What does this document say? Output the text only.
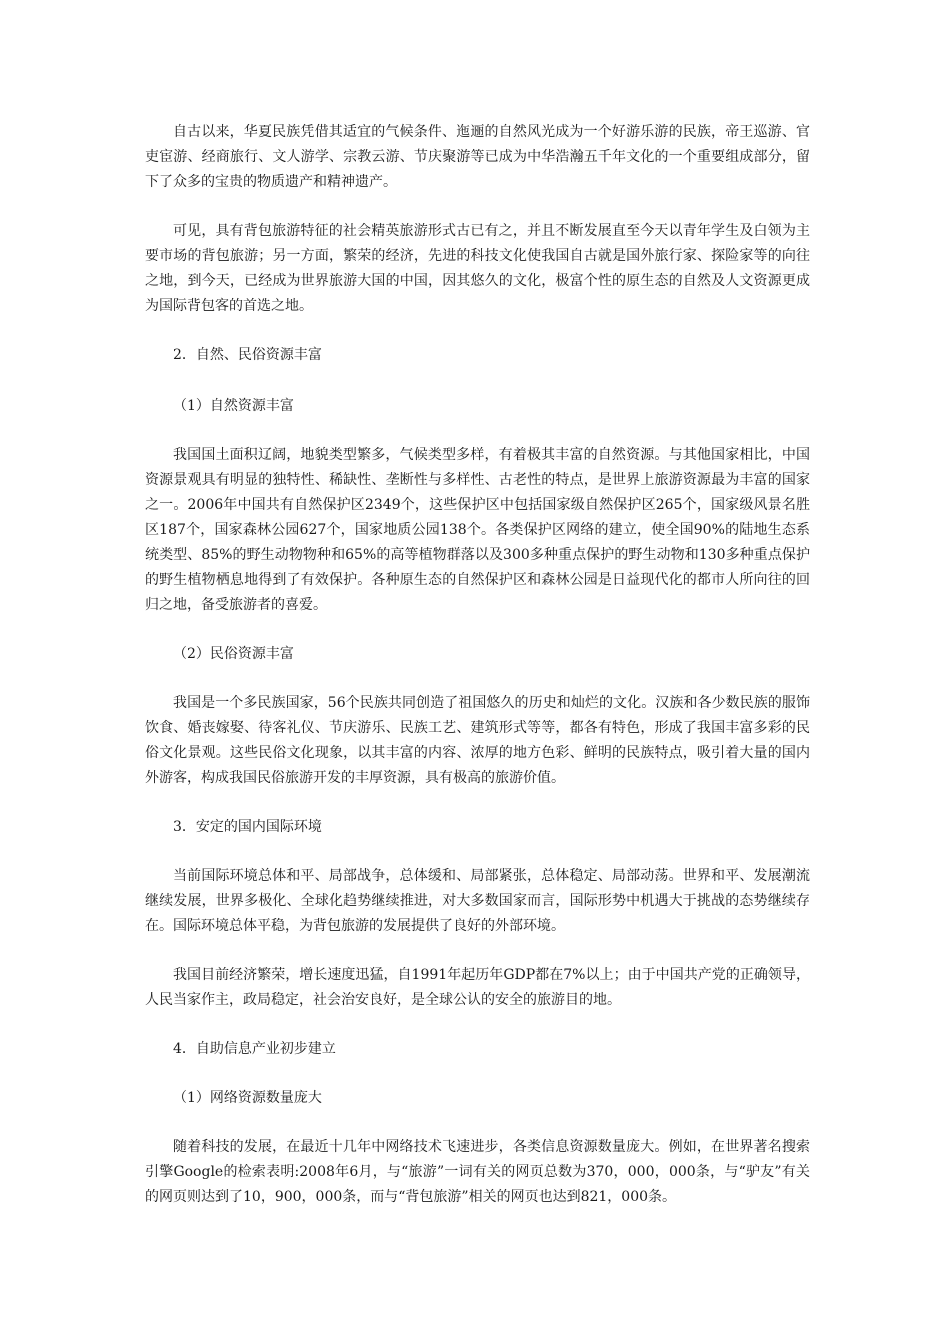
自古以来，华夏民族凭借其适宜的气候条件、迤逦的自然风光成为一个好游乐游的民族，帝王巡游、官吏宦游、经商旅行、文人游学、宗教云游、节庆聚游等已成为中华浩瀚五千年文化的一个重要组成部分，留下了众多的宝贵的物质遗产和精神遗产。

可见，具有背包旅游特征的社会精英旅游形式古已有之，并且不断发展直至今天以青年学生及白领为主要市场的背包旅游；另一方面，繁荣的经济，先进的科技文化使我国自古就是国外旅行家、探险家等的向往之地，到今天，已经成为世界旅游大国的中国，因其悠久的文化，极富个性的原生态的自然及人文资源更成为国际背包客的首选之地。

2．自然、民俗资源丰富

（1）自然资源丰富

我国国土面积辽阔，地貌类型繁多，气候类型多样，有着极其丰富的自然资源。与其他国家相比，中国资源景观具有明显的独特性、稀缺性、垄断性与多样性、古老性的特点，是世界上旅游资源最为丰富的国家之一。2006年中国共有自然保护区2349个，这些保护区中包括国家级自然保护区265个，国家级风景名胜区187个，国家森林公园627个，国家地质公园138个。各类保护区网络的建立，使全国90%的陆地生态系统类型、85%的野生动物物种和65%的高等植物群落以及300多种重点保护的野生动物和130多种重点保护的野生植物栖息地得到了有效保护。各种原生态的自然保护区和森林公园是日益现代化的都市人所向往的回归之地，备受旅游者的喜爱。

（2）民俗资源丰富

我国是一个多民族国家，56个民族共同创造了祖国悠久的历史和灿烂的文化。汉族和各少数民族的服饰饮食、婚丧嫁娶、待客礼仪、节庆游乐、民族工艺、建筑形式等等，都各有特色，形成了我国丰富多彩的民俗文化景观。这些民俗文化现象，以其丰富的内容、浓厚的地方色彩、鲜明的民族特点，吸引着大量的国内外游客，构成我国民俗旅游开发的丰厚资源，具有极高的旅游价值。

3．安定的国内国际环境

当前国际环境总体和平、局部战争，总体缓和、局部紧张，总体稳定、局部动荡。世界和平、发展潮流继续发展，世界多极化、全球化趋势继续推进，对大多数国家而言，国际形势中机遇大于挑战的态势继续存在。国际环境总体平稳，为背包旅游的发展提供了良好的外部环境。

我国目前经济繁荣，增长速度迅猛，自1991年起历年GDP都在7%以上；由于中国共产党的正确领导，人民当家作主，政局稳定，社会治安良好，是全球公认的安全的旅游目的地。

4．自助信息产业初步建立

（1）网络资源数量庞大

随着科技的发展，在最近十几年中网络技术飞速进步，各类信息资源数量庞大。例如，在世界著名搜索引擎Google的检索表明:2008年6月，与“旅游”一词有关的网页总数为370，000，000条，与“驴友”有关的网页则达到了10，900，000条，而与“背包旅游”相关的网页也达到821，000条。
